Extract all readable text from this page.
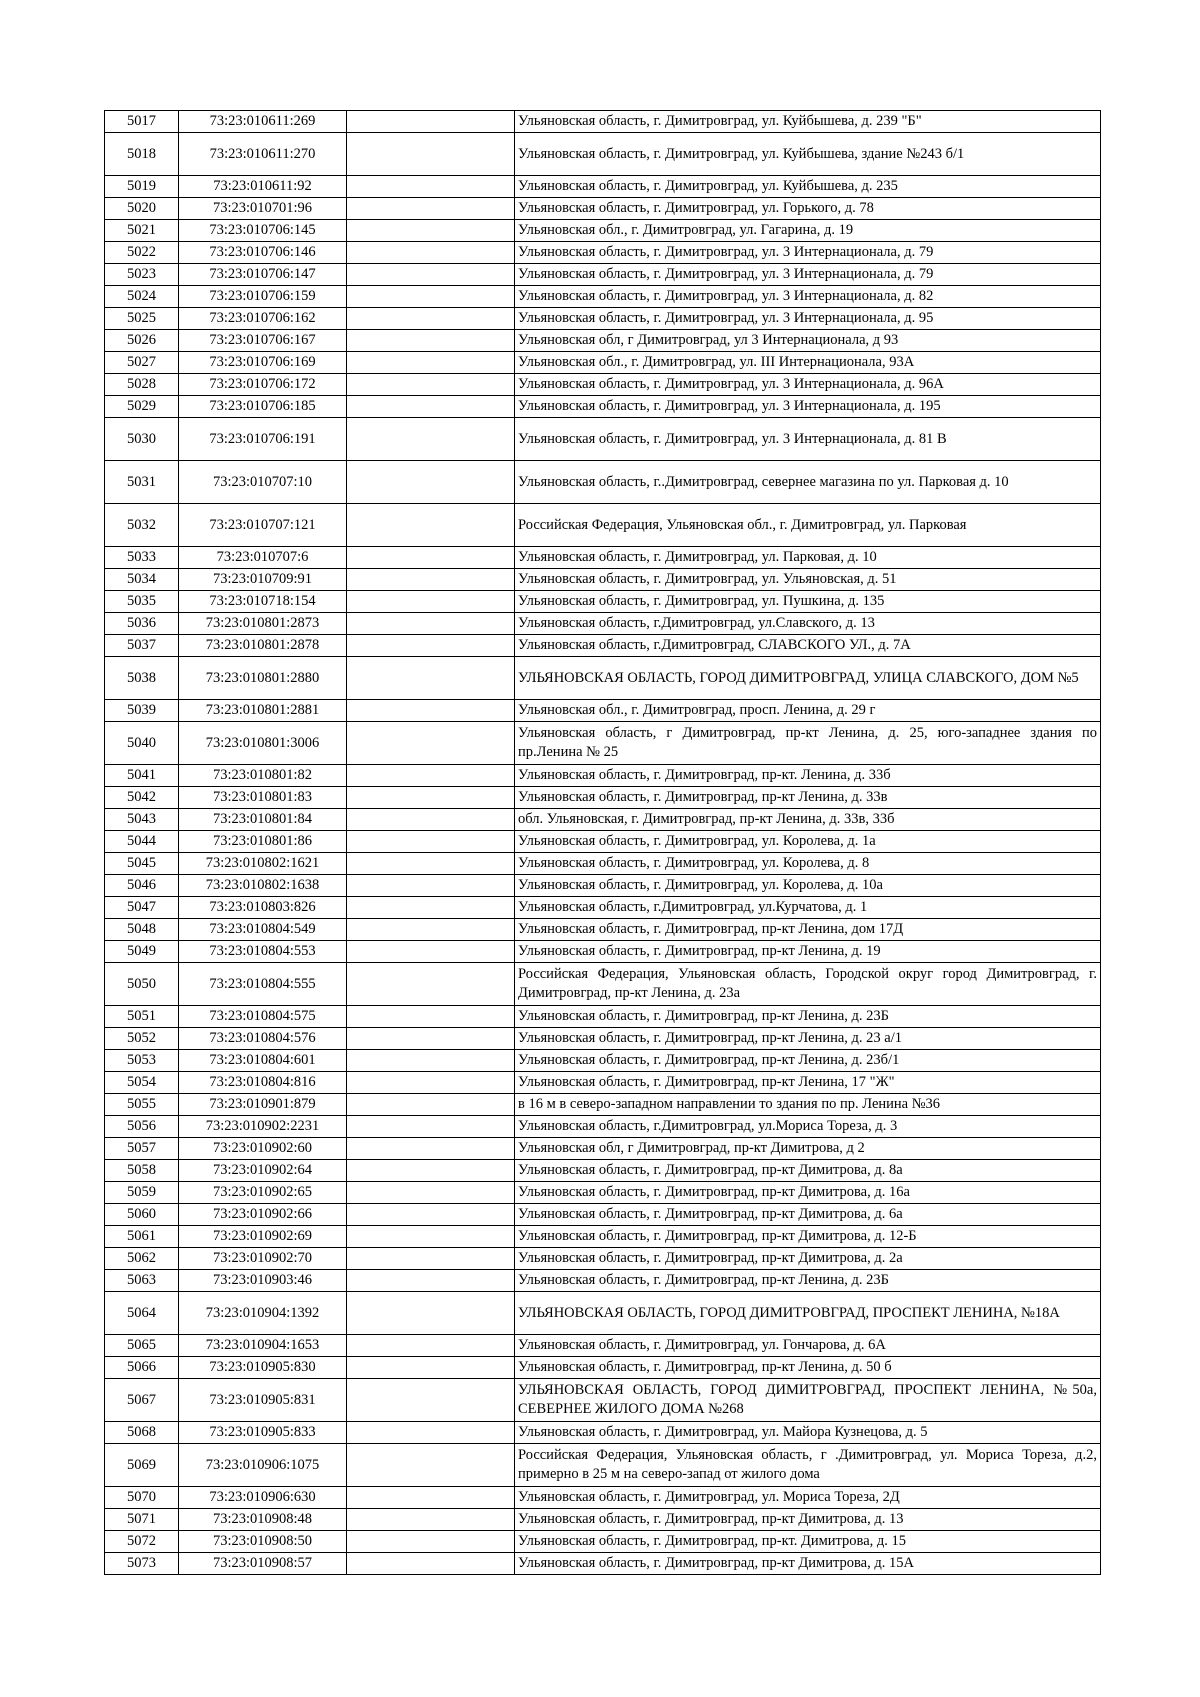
5017	73:23:010611:269		Ульяновская область, г. Димитровград, ул. Куйбышева, д. 239 "Б"
5018	73:23:010611:270		Ульяновская область, г. Димитровград, ул. Куйбышева, здание №243 б/1
5019	73:23:010611:92		Ульяновская область, г. Димитровград, ул. Куйбышева, д. 235
5020	73:23:010701:96		Ульяновская область, г. Димитровград, ул. Горького, д. 78
5021	73:23:010706:145		Ульяновская обл., г. Димитровград, ул. Гагарина, д. 19
5022	73:23:010706:146		Ульяновская область, г. Димитровград, ул. 3 Интернационала, д. 79
5023	73:23:010706:147		Ульяновская область, г. Димитровград, ул. 3 Интернационала, д. 79
5024	73:23:010706:159		Ульяновская область, г. Димитровград, ул. 3 Интернационала, д. 82
5025	73:23:010706:162		Ульяновская область, г. Димитровград, ул. 3 Интернационала, д. 95
5026	73:23:010706:167		Ульяновская обл, г Димитровград, ул 3 Интернационала, д 93
5027	73:23:010706:169		Ульяновская обл., г. Димитровград, ул. III Интернационала, 93А
5028	73:23:010706:172		Ульяновская область, г. Димитровград, ул. 3 Интернационала, д. 96А
5029	73:23:010706:185		Ульяновская область, г. Димитровград, ул. 3 Интернационала, д. 195
5030	73:23:010706:191		Ульяновская область, г. Димитровград, ул. 3 Интернационала, д. 81 В
5031	73:23:010707:10		Ульяновская область, г..Димитровград, севернее магазина по ул. Парковая д. 10
5032	73:23:010707:121		Российская Федерация, Ульяновская обл., г. Димитровград, ул. Парковая
5033	73:23:010707:6		Ульяновская область, г. Димитровград, ул. Парковая, д. 10
5034	73:23:010709:91		Ульяновская область, г. Димитровград, ул. Ульяновская, д. 51
5035	73:23:010718:154		Ульяновская область, г. Димитровград, ул. Пушкина, д. 135
5036	73:23:010801:2873		Ульяновская область, г.Димитровград, ул.Славского, д. 13
5037	73:23:010801:2878		Ульяновская область, г.Димитровград, СЛАВСКОГО УЛ., д. 7А
5038	73:23:010801:2880		УЛЬЯНОВСКАЯ ОБЛАСТЬ, ГОРОД ДИМИТРОВГРАД, УЛИЦА СЛАВСКОГО, ДОМ №5
5039	73:23:010801:2881		Ульяновская обл., г. Димитровград, просп. Ленина, д. 29 г
5040	73:23:010801:3006		Ульяновская область, г Димитровград, пр-кт Ленина, д. 25, юго-западнее здания по пр.Ленина № 25
5041	73:23:010801:82		Ульяновская область, г. Димитровград, пр-кт. Ленина, д. 33б
5042	73:23:010801:83		Ульяновская область, г. Димитровград, пр-кт Ленина, д. 33в
5043	73:23:010801:84		обл. Ульяновская, г. Димитровград, пр-кт Ленина, д. 33в, 33б
5044	73:23:010801:86		Ульяновская область, г. Димитровград, ул. Королева, д. 1а
5045	73:23:010802:1621		Ульяновская область, г. Димитровград, ул. Королева, д. 8
5046	73:23:010802:1638		Ульяновская область, г. Димитровград, ул. Королева, д. 10а
5047	73:23:010803:826		Ульяновская область, г.Димитровград, ул.Курчатова, д. 1
5048	73:23:010804:549		Ульяновская область, г. Димитровград, пр-кт Ленина, дом 17Д
5049	73:23:010804:553		Ульяновская область, г. Димитровград, пр-кт Ленина, д. 19
5050	73:23:010804:555		Российская Федерация, Ульяновская область, Городской округ город Димитровград, г. Димитровград, пр-кт Ленина, д. 23а
5051	73:23:010804:575		Ульяновская область, г. Димитровград, пр-кт Ленина, д. 23Б
5052	73:23:010804:576		Ульяновская область, г. Димитровград, пр-кт Ленина, д. 23 а/1
5053	73:23:010804:601		Ульяновская область, г. Димитровград, пр-кт Ленина, д. 23б/1
5054	73:23:010804:816		Ульяновская область, г. Димитровград, пр-кт Ленина, 17 "Ж"
5055	73:23:010901:879		в 16 м в северо-западном направлении то здания по пр. Ленина №36
5056	73:23:010902:2231		Ульяновская область, г.Димитровград, ул.Мориса Тореза, д. 3
5057	73:23:010902:60		Ульяновская обл, г Димитровград, пр-кт Димитрова, д 2
5058	73:23:010902:64		Ульяновская область, г. Димитровград, пр-кт Димитрова, д. 8а
5059	73:23:010902:65		Ульяновская область, г. Димитровград, пр-кт Димитрова, д. 16а
5060	73:23:010902:66		Ульяновская область, г. Димитровград, пр-кт Димитрова, д. 6а
5061	73:23:010902:69		Ульяновская область, г. Димитровград, пр-кт Димитрова, д. 12-Б
5062	73:23:010902:70		Ульяновская область, г. Димитровград, пр-кт Димитрова, д. 2а
5063	73:23:010903:46		Ульяновская область, г. Димитровград, пр-кт Ленина, д. 23Б
5064	73:23:010904:1392		УЛЬЯНОВСКАЯ ОБЛАСТЬ, ГОРОД ДИМИТРОВГРАД, ПРОСПЕКТ ЛЕНИНА, №18А
5065	73:23:010904:1653		Ульяновская область, г. Димитровград, ул. Гончарова, д. 6А
5066	73:23:010905:830		Ульяновская область, г. Димитровград, пр-кт Ленина, д. 50 б
5067	73:23:010905:831		УЛЬЯНОВСКАЯ ОБЛАСТЬ, ГОРОД ДИМИТРОВГРАД, ПРОСПЕКТ ЛЕНИНА, №50а, СЕВЕРНЕЕ ЖИЛОГО ДОМА №268
5068	73:23:010905:833		Ульяновская область, г. Димитровград, ул. Майора Кузнецова, д. 5
5069	73:23:010906:1075		Российская Федерация, Ульяновская область, г .Димитровград, ул. Мориса Тореза, д.2, примерно в 25 м на северо-запад от жилого дома
5070	73:23:010906:630		Ульяновская область, г. Димитровград, ул. Мориса Тореза, 2Д
5071	73:23:010908:48		Ульяновская область, г. Димитровград, пр-кт Димитрова, д. 13
5072	73:23:010908:50		Ульяновская область, г. Димитровград, пр-кт. Димитрова, д. 15
5073	73:23:010908:57		Ульяновская область, г. Димитровград, пр-кт Димитрова, д. 15А
